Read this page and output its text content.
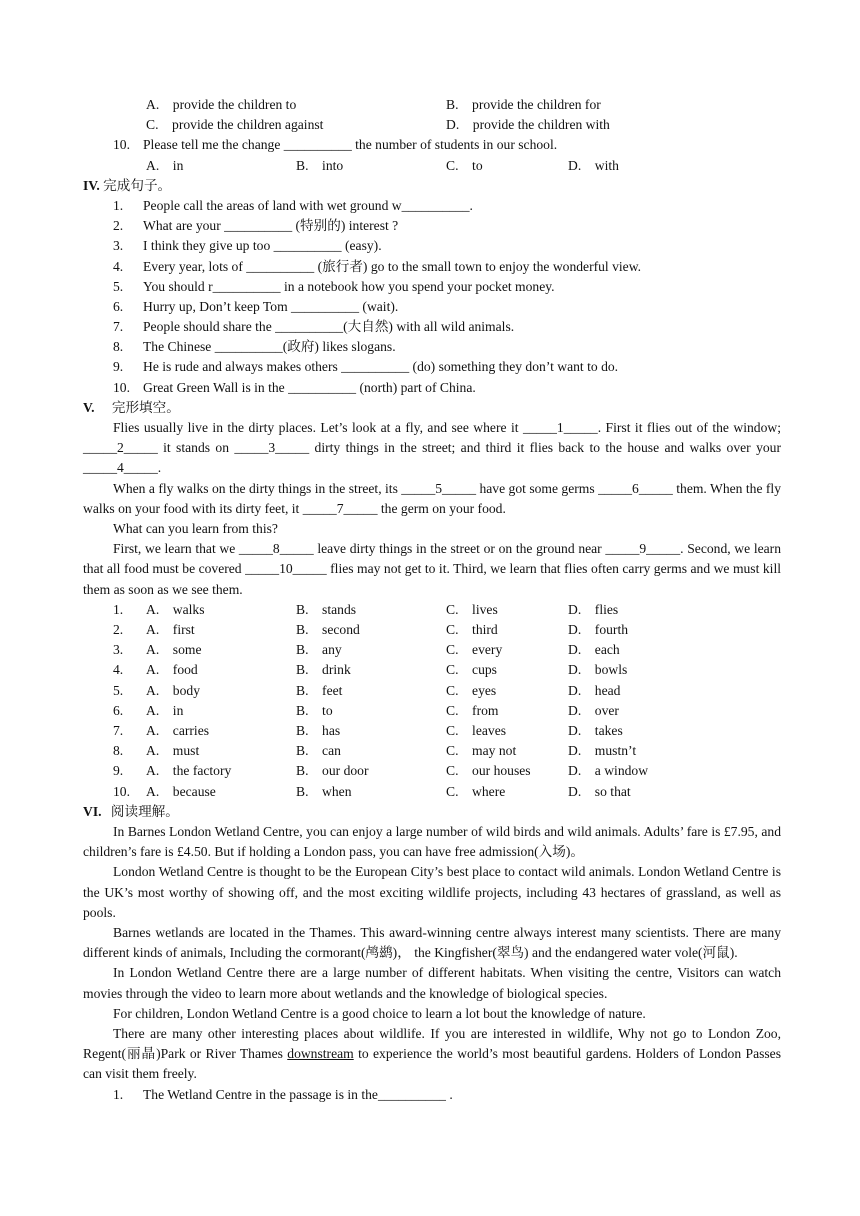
A. provide the children to	B. provide the children for
C. provide the children against	D. provide the children with
10. Please tell me the change __________ the number of students in our school.
A. in	B. into	C. to	D. with
IV. 完成句子。
1. People call the areas of land with wet ground w__________.
2. What are your __________ (特别的) interest ?
3. I think they give up too __________ (easy).
4. Every year, lots of __________ (旅行者) go to the small town to enjoy the wonderful view.
5. You should r__________ in a notebook how you spend your pocket money.
6. Hurry up, Don’t keep Tom __________ (wait).
7. People should share the __________(大自然) with all wild animals.
8. The Chinese __________(政府) likes slogans.
9. He is rude and always makes others __________ (do) something they don’t want to do.
10. Great Green Wall is in the __________ (north) part of China.
V. 完形填空。
Flies usually live in the dirty places. Let’s look at a fly, and see where it _____1_____. First it flies out of the window; _____2_____ it stands on _____3_____ dirty things in the street; and third it flies back to the house and walks over your _____4_____.
When a fly walks on the dirty things in the street, its _____5_____ have got some germs _____6_____ them. When the fly walks on your food with its dirty feet, it _____7_____ the germ on your food.
What can you learn from this?
First, we learn that we _____8_____ leave dirty things in the street or on the ground near _____9_____. Second, we learn that all food must be covered _____10_____ flies may not get to it. Third, we learn that flies often carry germs and we must kill them as soon as we see them.
1. A. walks	B. stands	C. lives	D. flies
2. A. first	B. second	C. third	D. fourth
3. A. some	B. any	C. every	D. each
4. A. food	B. drink	C. cups	D. bowls
5. A. body	B. feet	C. eyes	D. head
6. A. in	B. to	C. from	D. over
7. A. carries	B. has	C. leaves	D. takes
8. A. must	B. can	C. may not	D. mustn’t
9. A. the factory	B. our door	C. our houses	D. a window
10. A. because	B. when	C. where	D. so that
VI. 阅读理解。
In Barnes London Wetland Centre, you can enjoy a large number of wild birds and wild animals. Adults’ fare is £7.95, and children’s fare is £4.50. But if holding a London pass, you can have free admission(入场)。
London Wetland Centre is thought to be the European City’s best place to contact wild animals. London Wetland Centre is the UK’s most worthy of showing off, and the most exciting wildlife projects, including 43 hectares of grassland, as well as pools.
Barnes wetlands are located in the Thames. This award-winning centre always interest many scientists. There are many different kinds of animals, Including the cormorant(鸬鹚)， the Kingfisher(翠鸟) and the endangered water vole(河鼠).
In London Wetland Centre there are a large number of different habitats. When visiting the centre, Visitors can watch movies through the video to learn more about wetlands and the knowledge of biological species.
For children, London Wetland Centre is a good choice to learn a lot bout the knowledge of nature.
There are many other interesting places about wildlife. If you are interested in wildlife, Why not go to London Zoo, Regent(丽晶)Park or River Thames downstream to experience the world’s most beautiful gardens. Holders of London Passes can visit them freely.
1. The Wetland Centre in the passage is in the__________ .
